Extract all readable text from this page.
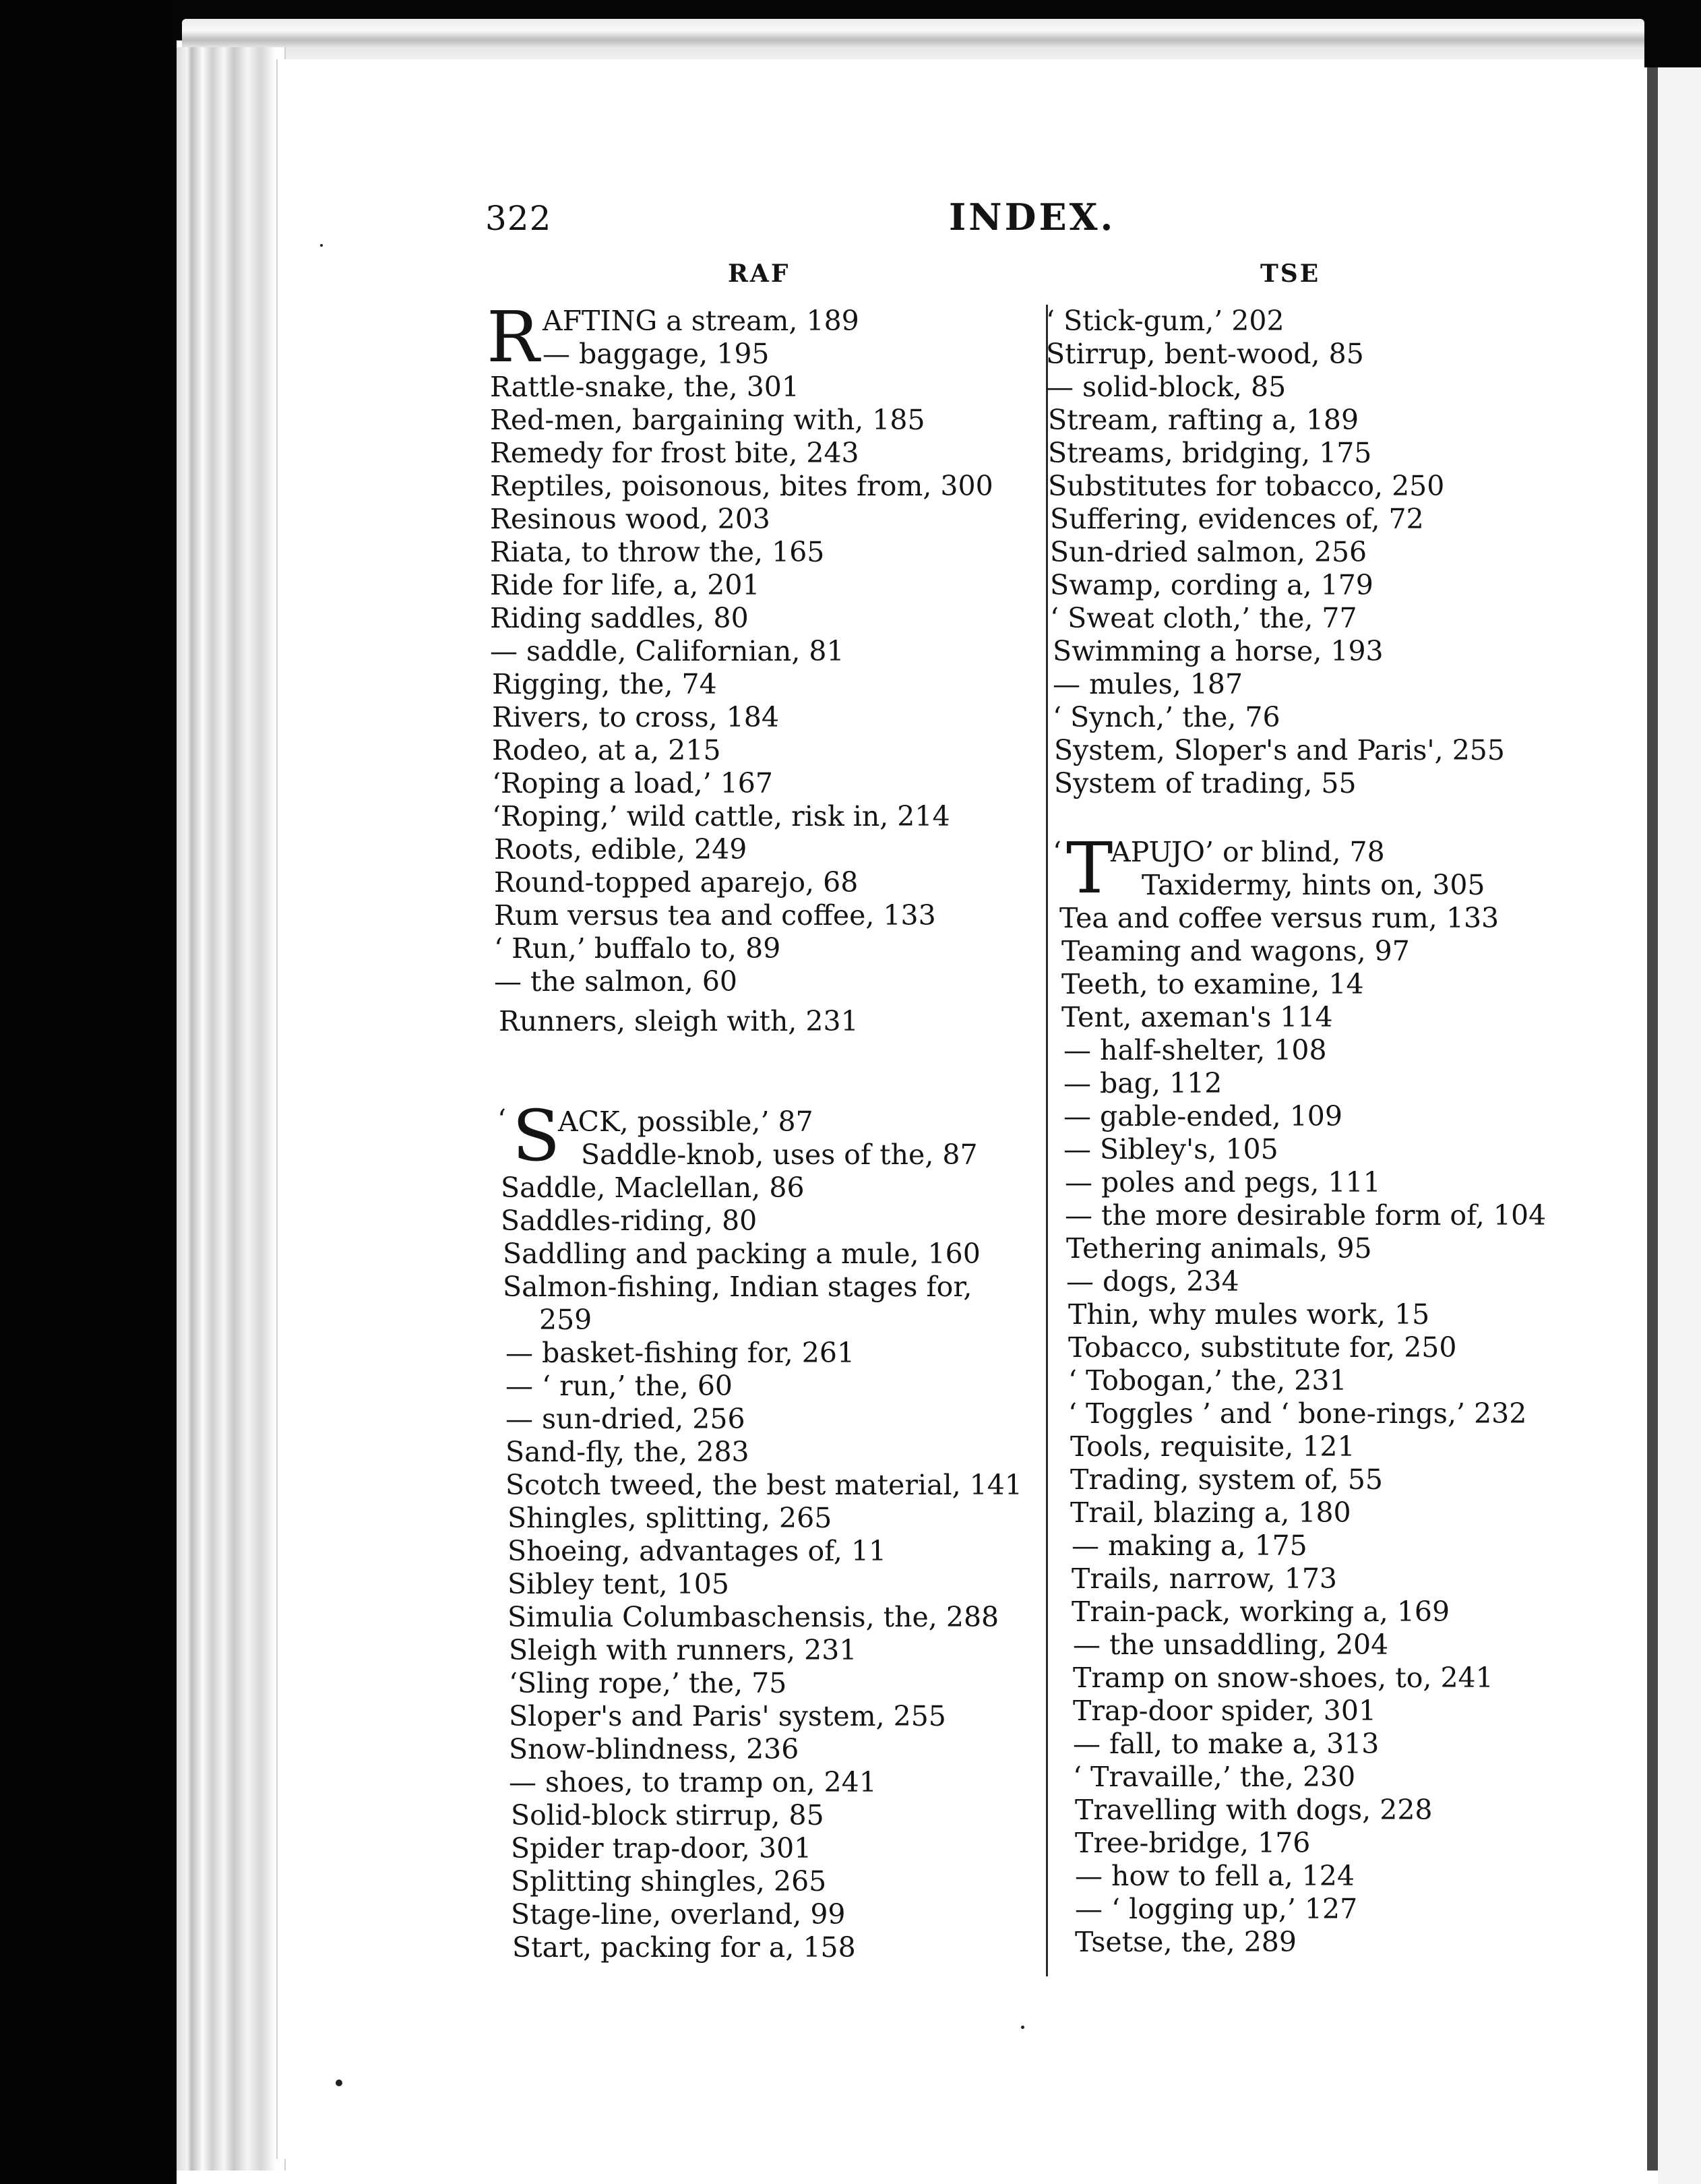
322	INDEX.
RAF	TSE
R AFTING a stream, 189
— baggage, 195
Rattle-snake, the, 301
Red-men, bargaining with, 185
Remedy for frost bite, 243
Reptiles, poisonous, bites from, 300
Resinous wood, 203
Riata, to throw the, 165
Ride for life, a, 201
Riding saddles, 80
— saddle, Californian, 81
Rigging, the, 74
Rivers, to cross, 184
Rodeo, at a, 215
‘Roping a load,’ 167
‘Roping,’ wild cattle, risk in, 214
Roots, edible, 249
Round-topped aparejo, 68
Rum versus tea and coffee, 133
‘ Run,’ buffalo to, 89
— the salmon, 60
Runners, sleigh with, 231
‘ S
ACK, possible,’ 87
Saddle-knob, uses of the, 87
Saddle, Maclellan, 86
Saddles-riding, 80
Saddling and packing a mule, 160
Salmon-fishing, Indian stages for,
259
— basket-fishing for, 261
— ‘ run,’ the, 60
— sun-dried, 256
Sand-fly, the, 283
Scotch tweed, the best material, 141
Shingles, splitting, 265
Shoeing, advantages of, 11
Sibley tent, 105
Simulia Columbaschensis, the, 288
Sleigh with runners, 231
‘Sling rope,’ the, 75
Sloper's and Paris' system, 255
Snow-blindness, 236
— shoes, to tramp on, 241
Solid-block stirrup, 85
Spider trap-door, 301
Splitting shingles, 265
Stage-line, overland, 99
Start, packing for a, 158
‘ Stick-gum,’ 202
Stirrup, bent-wood, 85
— solid-block, 85
Stream, rafting a, 189
Streams, bridging, 175
Substitutes for tobacco, 250
Suffering, evidences of, 72
Sun-dried salmon, 256
Swamp, cording a, 179
‘ Sweat cloth,’ the, 77
Swimming a horse, 193
— mules, 187
‘ Synch,’ the, 76
System, Sloper's and Paris', 255
System of trading, 55
‘ T
APUJO’ or blind, 78
Taxidermy, hints on, 305
Tea and coffee versus rum, 133
Teaming and wagons, 97
Teeth, to examine, 14
Tent, axeman's 114
— half-shelter, 108
— bag, 112
— gable-ended, 109
— Sibley's, 105
— poles and pegs, 111
— the more desirable form of, 104
Tethering animals, 95
— dogs, 234
Thin, why mules work, 15
Tobacco, substitute for, 250
‘ Tobogan,’ the, 231
‘ Toggles ’ and ‘ bone-rings,’ 232
Tools, requisite, 121
Trading, system of, 55
Trail, blazing a, 180
— making a, 175
Trails, narrow, 173
Train-pack, working a, 169
— the unsaddling, 204
Tramp on snow-shoes, to, 241
Trap-door spider, 301
— fall, to make a, 313
‘ Travaille,’ the, 230
Travelling with dogs, 228
Tree-bridge, 176
— how to fell a, 124
— ‘ logging up,’ 127
Tsetse, the, 289
